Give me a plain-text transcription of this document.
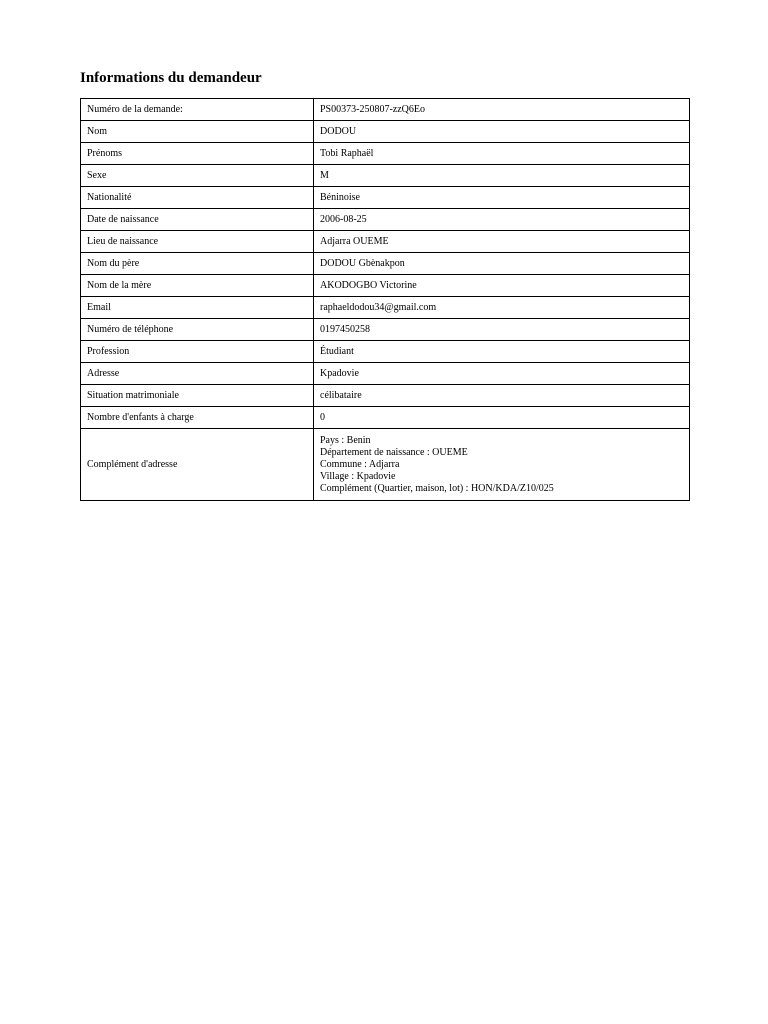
Informations du demandeur
Numéro de la demande:	PS00373-250807-zzQ6Eo
Nom	DODOU
Prénoms	Tobi Raphaël
Sexe	M
Nationalité	Béninoise
Date de naissance	2006-08-25
Lieu de naissance	Adjarra OUEME
Nom du père	DODOU Gbènakpon
Nom de la mère	AKODOGBO Victorine
Email	raphaeldodou34@gmail.com
Numéro de téléphone	0197450258
Profession	Étudiant
Adresse	Kpadovie
Situation matrimoniale	célibataire
Nombre d'enfants à charge	0
Complément d'adresse	Pays : Benin
Département de naissance : OUEME
Commune : Adjarra
Village : Kpadovie
Complément (Quartier, maison, lot) : HON/KDA/Z10/025
